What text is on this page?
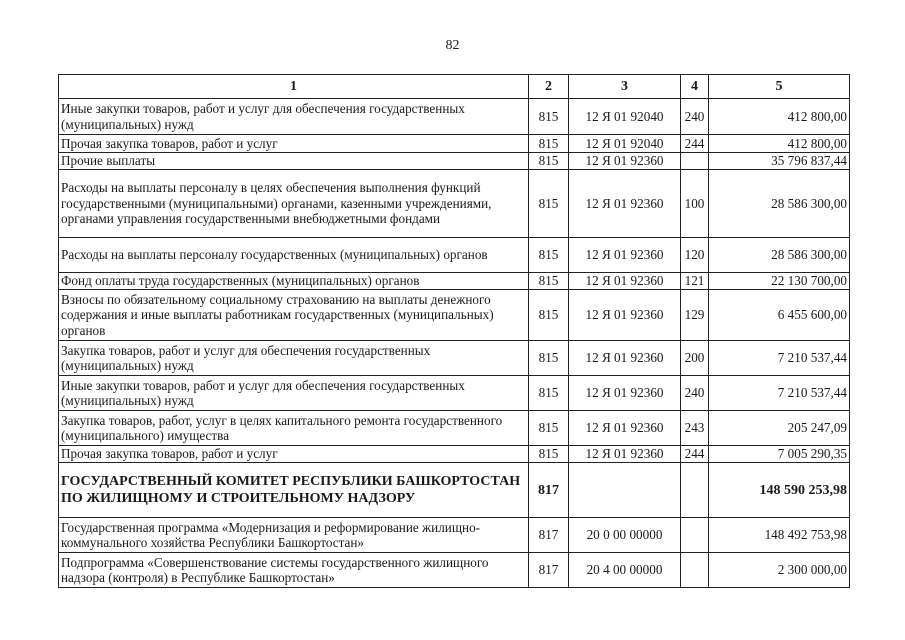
82
1	2	3	4	5
Иные закупки товаров, работ и услуг для обеспечения государственных (муниципальных) нужд	815	12 Я 01 92040	240	412 800,00
Прочая закупка товаров, работ и услуг	815	12 Я 01 92040	244	412 800,00
Прочие выплаты	815	12 Я 01 92360		35 796 837,44
Расходы на выплаты персоналу в целях обеспечения выполнения функций государственными (муниципальными) органами, казенными учреждениями, органами управления государственными внебюджетными фондами	815	12 Я 01 92360	100	28 586 300,00
Расходы на выплаты персоналу государственных (муниципальных) органов	815	12 Я 01 92360	120	28 586 300,00
Фонд оплаты труда государственных (муниципальных) органов	815	12 Я 01 92360	121	22 130 700,00
Взносы по обязательному социальному страхованию на выплаты денежного содержания и иные выплаты работникам государственных (муниципальных) органов	815	12 Я 01 92360	129	6 455 600,00
Закупка товаров, работ и услуг для обеспечения государственных (муниципальных) нужд	815	12 Я 01 92360	200	7 210 537,44
Иные закупки товаров, работ и услуг для обеспечения государственных (муниципальных) нужд	815	12 Я 01 92360	240	7 210 537,44
Закупка товаров, работ, услуг в целях капитального ремонта государственного (муниципального) имущества	815	12 Я 01 92360	243	205 247,09
Прочая закупка товаров, работ и услуг	815	12 Я 01 92360	244	7 005 290,35
ГОСУДАРСТВЕННЫЙ КОМИТЕТ РЕСПУБЛИКИ БАШКОРТОСТАН ПО ЖИЛИЩНОМУ И СТРОИТЕЛЬНОМУ НАДЗОРУ	817			148 590 253,98
Государственная программа «Модернизация и реформирование жилищно-коммунального хозяйства Республики Башкортостан»	817	20 0 00 00000		148 492 753,98
Подпрограмма «Совершенствование системы государственного жилищного надзора (контроля) в Республике Башкортостан»	817	20 4 00 00000		2 300 000,00
